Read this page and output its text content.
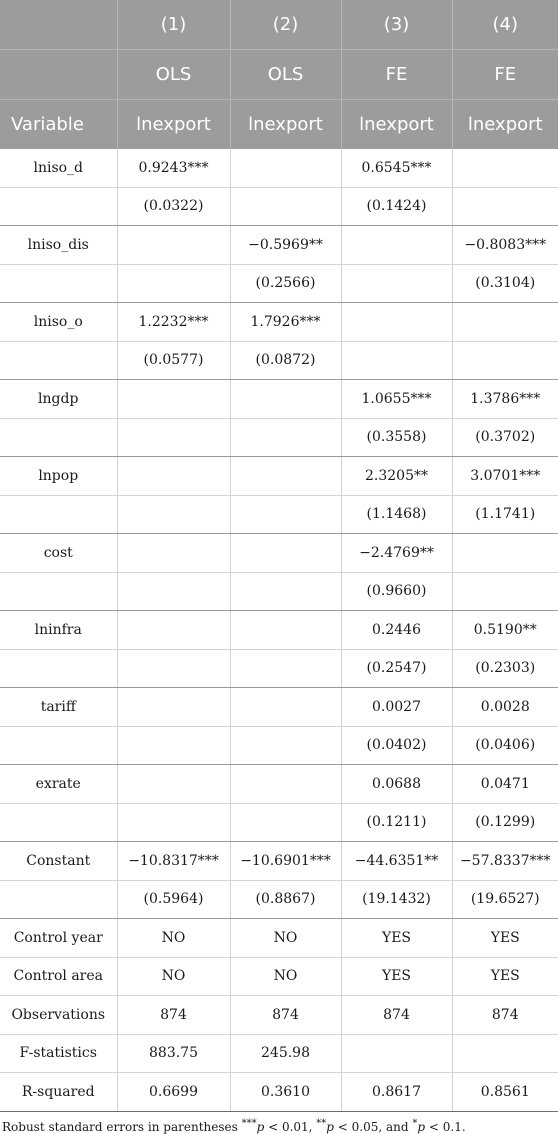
	(1)	(2)	(3)	(4)
	OLS	OLS	FE	FE
Variable	lnexport	lnexport	lnexport	lnexport
lniso_d	0.9243***		0.6545***	
	(0.0322)		(0.1424)	
lniso_dis		−0.5969**		−0.8083***
		(0.2566)		(0.3104)
lniso_o	1.2232***	1.7926***		
	(0.0577)	(0.0872)		
lngdp			1.0655***	1.3786***
			(0.3558)	(0.3702)
lnpop			2.3205**	3.0701***
			(1.1468)	(1.1741)
cost			−2.4769**	
			(0.9660)	
lninfra			0.2446	0.5190**
			(0.2547)	(0.2303)
tariff			0.0027	0.0028
			(0.0402)	(0.0406)
exrate			0.0688	0.0471
			(0.1211)	(0.1299)
Constant	−10.8317***	−10.6901***	−44.6351**	−57.8337***
	(0.5964)	(0.8867)	(19.1432)	(19.6527)
Control year	NO	NO	YES	YES
Control area	NO	NO	YES	YES
Observations	874	874	874	874
F-statistics	883.75	245.98		
R-squared	0.6699	0.3610	0.8617	0.8561
Robust standard errors in parentheses ***p < 0.01, **p < 0.05, and *p < 0.1.
